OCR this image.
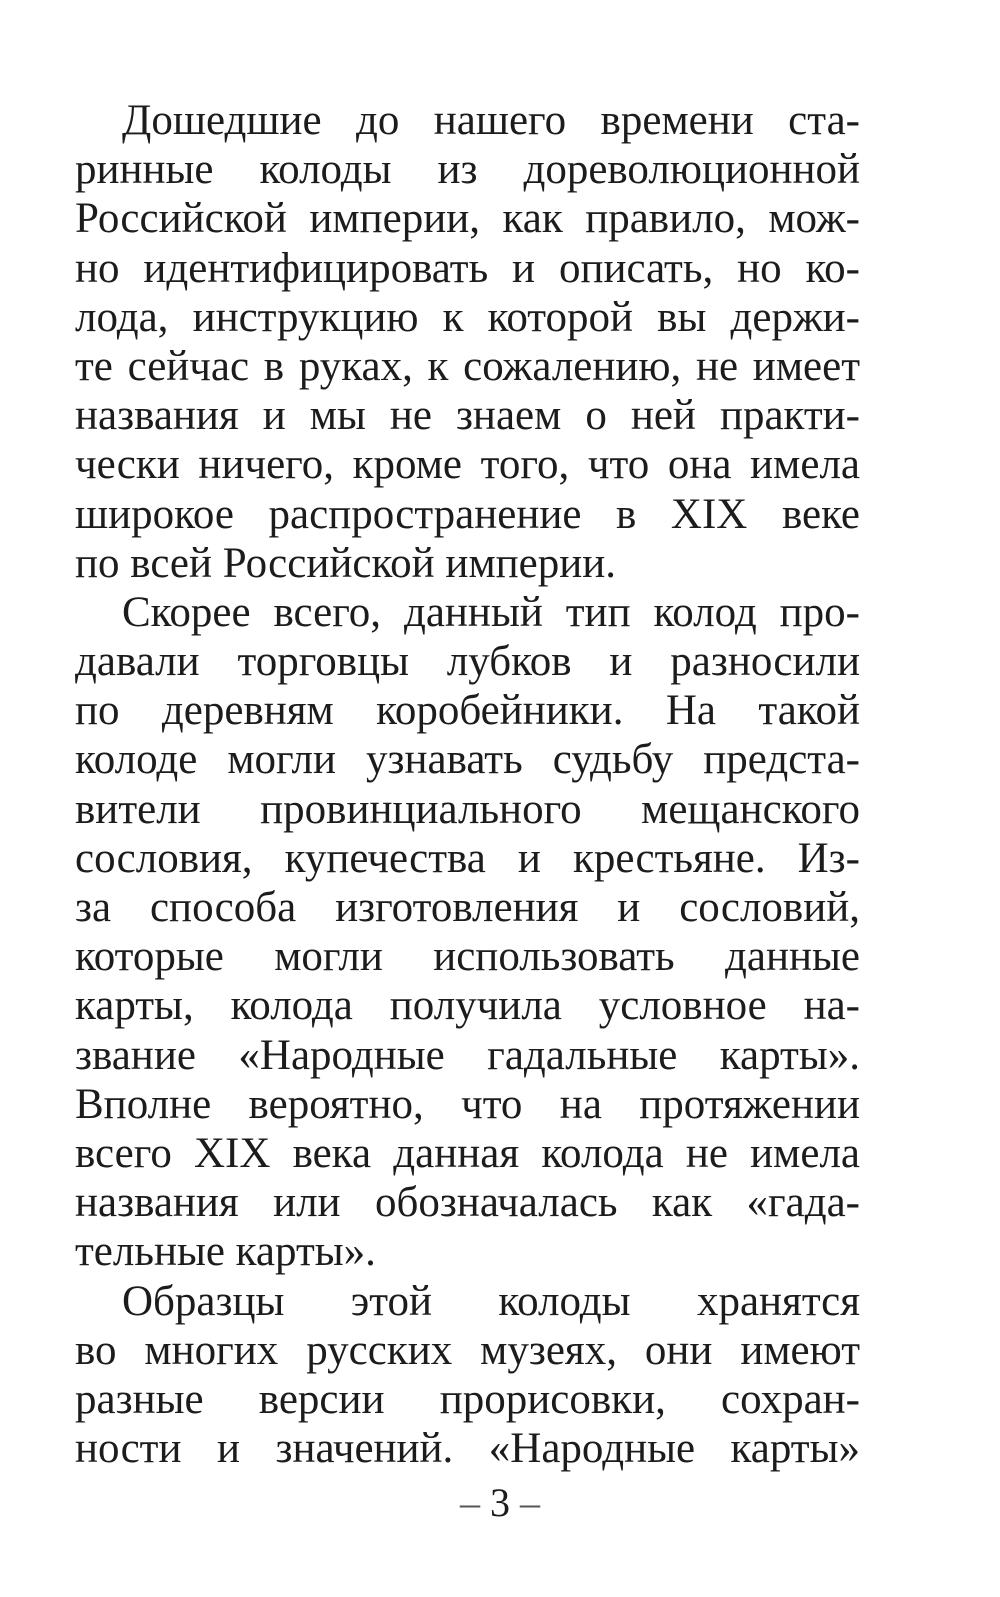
Дошедшие до нашего времени ста-
ринные колоды из дореволюционной
Российской империи, как правило, мож-
но идентифицировать и описать, но ко-
лода, инструкцию к которой вы держи-
те сейчас в руках, к сожалению, не имеет
названия и мы не знаем о ней практи-
чески ничего, кроме того, что она имела
широкое распространение в XIX веке
по всей Российской империи.
Скорее всего, данный тип колод про-
давали торговцы лубков и разносили
по деревням коробейники. На такой
колоде могли узнавать судьбу предста-
вители провинциального мещанского
сословия, купечества и крестьяне. Из-
за способа изготовления и сословий,
которые могли использовать данные
карты, колода получила условное на-
звание «Народные гадальные карты».
Вполне вероятно, что на протяжении
всего XIX века данная колода не имела
названия или обозначалась как «гада-
тельные карты».
Образцы этой колоды хранятся
во многих русских музеях, они имеют
разные версии прорисовки, сохран-
ности и значений. «Народные карты»
– 3 –
